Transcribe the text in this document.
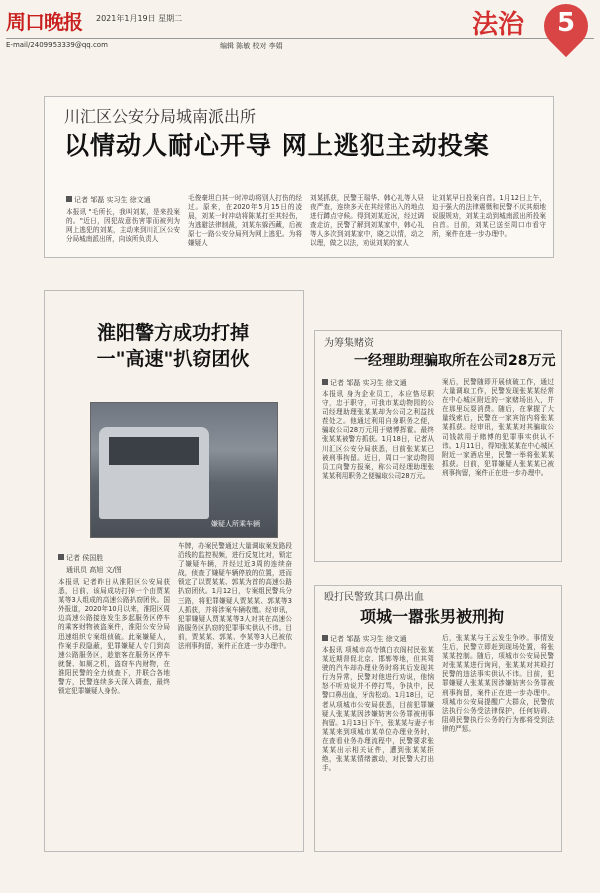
周口晚报 2021年1月19日 星期二
E-mail/2409953339@qq.com	编辑 陈敏 校对 李娟
法治	5
川汇区公安分局城南派出所
以情动人耐心开导 网上逃犯主动投案
记者 邹磊 实习生 徐文通
本报讯 "毛所长，我叫刘某，是来投案的。"近日，因犯故意伤害罪而被列为网上逃犯的刘某，主动来到川汇区公安分局城南派出所，向该所负责人
毛俊豪坦白其一时冲动将别人打伤的经过。原来，在2020年5月15日的凌晨，刘某一时冲动将陈某打至其轻伤，为逃避法律制裁，刘某东躲西藏，后被原七一路公安分局列为网上逃犯。为将嫌疑人
刘某抓获，民警王瑞华、韩心礼等人昼夜严查，连续多天在其经常出入的地点进行蹲点守候。得到刘某近况，经过调查走访，民警了解到刘某家中，韩心礼等人多次到刘某家中，晓之以情，动之以理，做之以法，劝说刘某的家人
让刘某早日投案自首。1月12日上午，迫于强大的法律震慑和民警不厌其烦地说服规劝，刘某主动到城南派出所投案自首。目前，刘某已送至周口市看守所，案件在进一步办理中。
淮阳警方成功打掉
一"高速"扒窃团伙
嫌疑人所乘车辆
记者 侯国胜
通讯员 高旭 文/图
本报讯 记者昨日从淮阳区公安局获悉，日前，该局成功打掉一个由贾某某等3人组成的高速公路扒窃团伙。国外报道，2020年10月以来，淮阳区周边高速公路接连发生多起服务区停车的乘客财物被盗案件，淮阳公安分局迅速组织专案组侦破。此案嫌疑人，作案手段隐蔽，犯罪嫌疑人专门到高速公路服务区，趁旅客在服务区停车就餐、如厕之机，盗窃车内财物，在淮阳民警的全力侦查下，并联合各地警方，民警连续多天深入调查，最终锁定犯罪嫌疑人身份。
车牌，办案民警通过大量调取案发路段沿线的监控视频，进行反复比对，锁定了嫌疑车辆，并经过近3周的连续奋战，侦查了嫌疑车辆停放的位置，进而锁定了以贾某某、郭某为首的高速公路扒窃团伙。1月12日，专案组民警兵分三路，将犯罪嫌疑人贾某某、郭某等3人抓获，并将涉案车辆收缴。经审讯，犯罪嫌疑人贾某某等3人对其在高速公路服务区扒窃的犯罪事实供认不讳。目前，贾某某、郭某、李某等3人已被依法刑事拘留，案件正在进一步办理中。
为筹集赌资
一经理助理骗取所在公司28万元
记者 邹磊 实习生 徐文通
本报讯 身为企业员工，本应恪尽职守，忠于职守，可我市某动物园的公司经理助理张某某却为公司之利益找茬处之。他通过利用自身职务之便，骗取公司28万元用于赌博挥霍。最终张某某被警方抓获。1月18日，记者从川汇区公安分局获悉，目前张某某已被刑事拘留。近日，周口一家动物园员工向警方报案，称公司经理助理张某某利用职务之便骗取公司28万元。
案后，民警随即开展侦破工作，通过大量调取工作，民警发现张某某经常在中心城区附近的一家赌场出入，并在那里玩耍消费。随后，在掌握了大量线索后，民警在一家宾馆内将张某某抓获。经审讯，张某某对其骗取公司钱款用于赌博的犯罪事实供认不讳。1月11日，得知张某某在中心城区附近一家酒店里，民警一举将张某某抓获。目前，犯罪嫌疑人张某某已被刑事拘留，案件正在进一步办理中。
殴打民警致其口鼻出血
项城一嚣张男被刑拘
记者 邹磊 实习生 徐文通
本报讯 项城市高寺镇白衣阁村民张某某近期督促北京、邯郸等地，但其驾驶的汽车却办理业务时将其后发现其行为异常，民警对他进行劝说，他恼怒不听劝说并不停打骂，争执中，民警口鼻出血，牙齿松动。1月18日，记者从项城市公安局获悉，目前犯罪嫌疑人张某某因涉嫌妨害公务罪被刑事拘留。1月13日下午，张某某与妻子韦某某来到项城市某单位办理业务时，在查看业务办理流程中，民警要求张某某出示相关证件，遭到张某某拒绝，张某某情绪激动，对民警大打出手。
后，张某某与王云发生争吵。事情发生后，民警立即赶到现场处置，将张某某控制。随后，项城市公安局民警对张某某进行询问，张某某对其殴打民警的违法事实供认不讳。目前，犯罪嫌疑人张某某因涉嫌妨害公务罪被刑事拘留，案件正在进一步办理中。项城市公安局提醒广大群众，民警依法执行公务受法律保护，任何妨碍、阻碍民警执行公务的行为都将受到法律的严惩。
